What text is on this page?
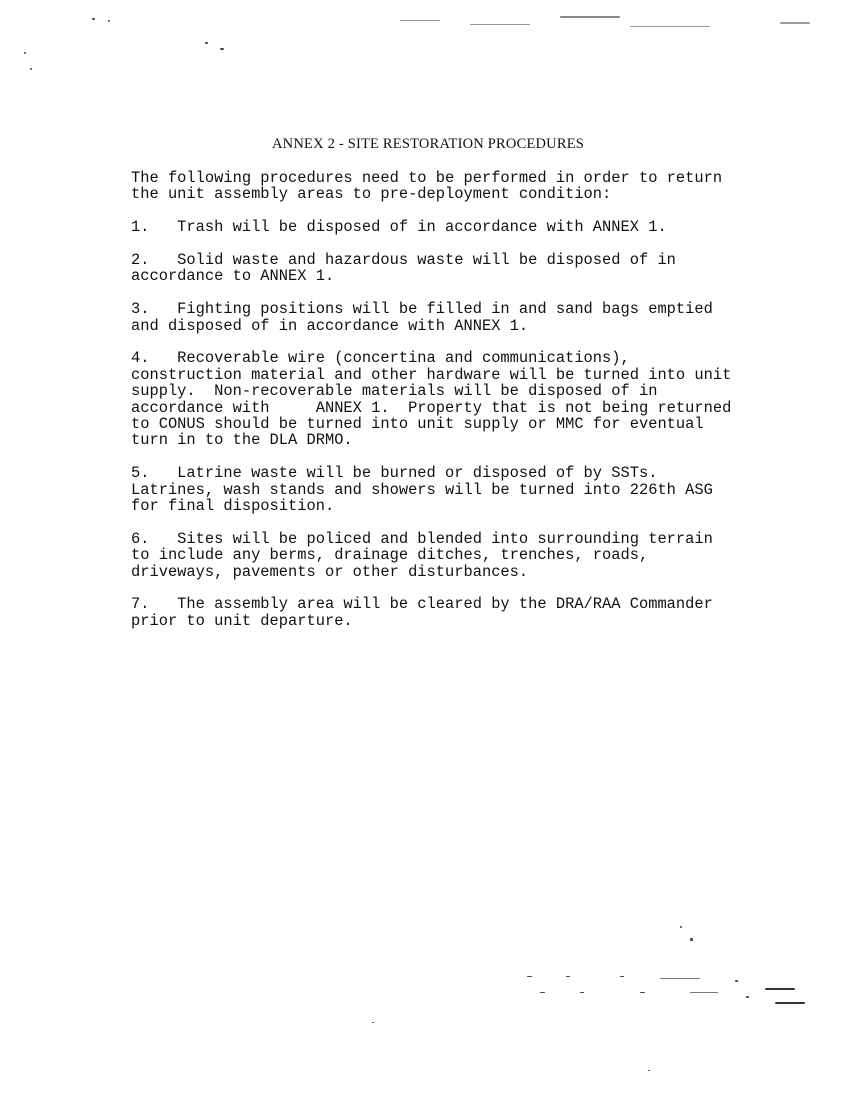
ANNEX 2 - SITE RESTORATION PROCEDURES

The following procedures need to be performed in order to return
the unit assembly areas to pre-deployment condition:

1.   Trash will be disposed of in accordance with ANNEX 1.

2.   Solid waste and hazardous waste will be disposed of in
accordance to ANNEX 1.

3.   Fighting positions will be filled in and sand bags emptied
and disposed of in accordance with ANNEX 1.

4.   Recoverable wire (concertina and communications),
construction material and other hardware will be turned into unit
supply.  Non-recoverable materials will be disposed of in
accordance with     ANNEX 1.  Property that is not being returned
to CONUS should be turned into unit supply or MMC for eventual
turn in to the DLA DRMO.

5.   Latrine waste will be burned or disposed of by SSTs.
Latrines, wash stands and showers will be turned into 226th ASG
for final disposition.

6.   Sites will be policed and blended into surrounding terrain
to include any berms, drainage ditches, trenches, roads,
driveways, pavements or other disturbances.

7.   The assembly area will be cleared by the DRA/RAA Commander
prior to unit departure.
